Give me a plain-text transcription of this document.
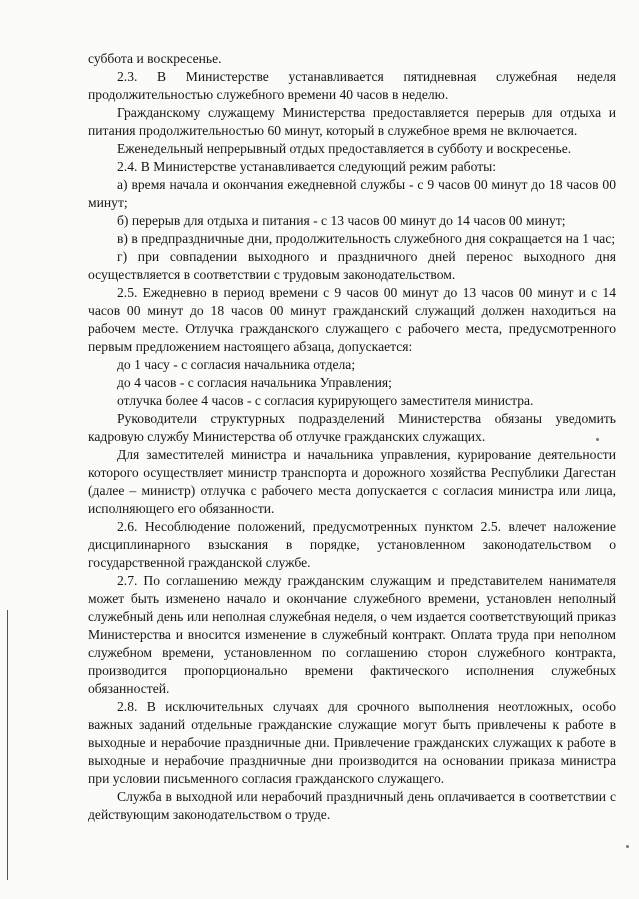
суббота и воскресенье.

2.3. В Министерстве устанавливается пятидневная служебная неделя продолжительностью служебного времени 40 часов в неделю.

Гражданскому служащему Министерства предоставляется перерыв для отдыха и питания продолжительностью 60 минут, который в служебное время не включается.

Еженедельный непрерывный отдых предоставляется в субботу и воскресенье.

2.4. В Министерстве устанавливается следующий режим работы:

а) время начала и окончания ежедневной службы - с 9 часов 00 минут до 18 часов 00 минут;

б) перерыв для отдыха и питания - с 13 часов 00 минут до 14 часов 00 минут;

в) в предпраздничные дни, продолжительность служебного дня сокращается на 1 час;

г) при совпадении выходного и праздничного дней перенос выходного дня осуществляется в соответствии с трудовым законодательством.

2.5. Ежедневно в период времени с 9 часов 00 минут до 13 часов 00 минут и с 14 часов 00 минут до 18 часов 00 минут гражданский служащий должен находиться на рабочем месте. Отлучка гражданского служащего с рабочего места, предусмотренного первым предложением настоящего абзаца, допускается:

до 1 часу - с согласия начальника отдела;

до 4 часов - с согласия начальника Управления;

отлучка более 4 часов - с согласия курирующего заместителя министра.

Руководители структурных подразделений Министерства обязаны уведомить кадровую службу Министерства об отлучке гражданских служащих.

Для заместителей министра и начальника управления, курирование деятельности которого осуществляет министр транспорта и дорожного хозяйства Республики Дагестан (далее – министр) отлучка с рабочего места допускается с согласия министра или лица, исполняющего его обязанности.

2.6. Несоблюдение положений, предусмотренных пунктом 2.5. влечет наложение дисциплинарного взыскания в порядке, установленном законодательством о государственной гражданской службе.

2.7. По соглашению между гражданским служащим и представителем нанимателя может быть изменено начало и окончание служебного времени, установлен неполный служебный день или неполная служебная неделя, о чем издается соответствующий приказ Министерства и вносится изменение в служебный контракт. Оплата труда при неполном служебном времени, установленном по соглашению сторон служебного контракта, производится пропорционально времени фактического исполнения служебных обязанностей.

2.8. В исключительных случаях для срочного выполнения неотложных, особо важных заданий отдельные гражданские служащие могут быть привлечены к работе в выходные и нерабочие праздничные дни. Привлечение гражданских служащих к работе в выходные и нерабочие праздничные дни производится на основании приказа министра при условии письменного согласия гражданского служащего.

Служба в выходной или нерабочий праздничный день оплачивается в соответствии с действующим законодательством о труде.
